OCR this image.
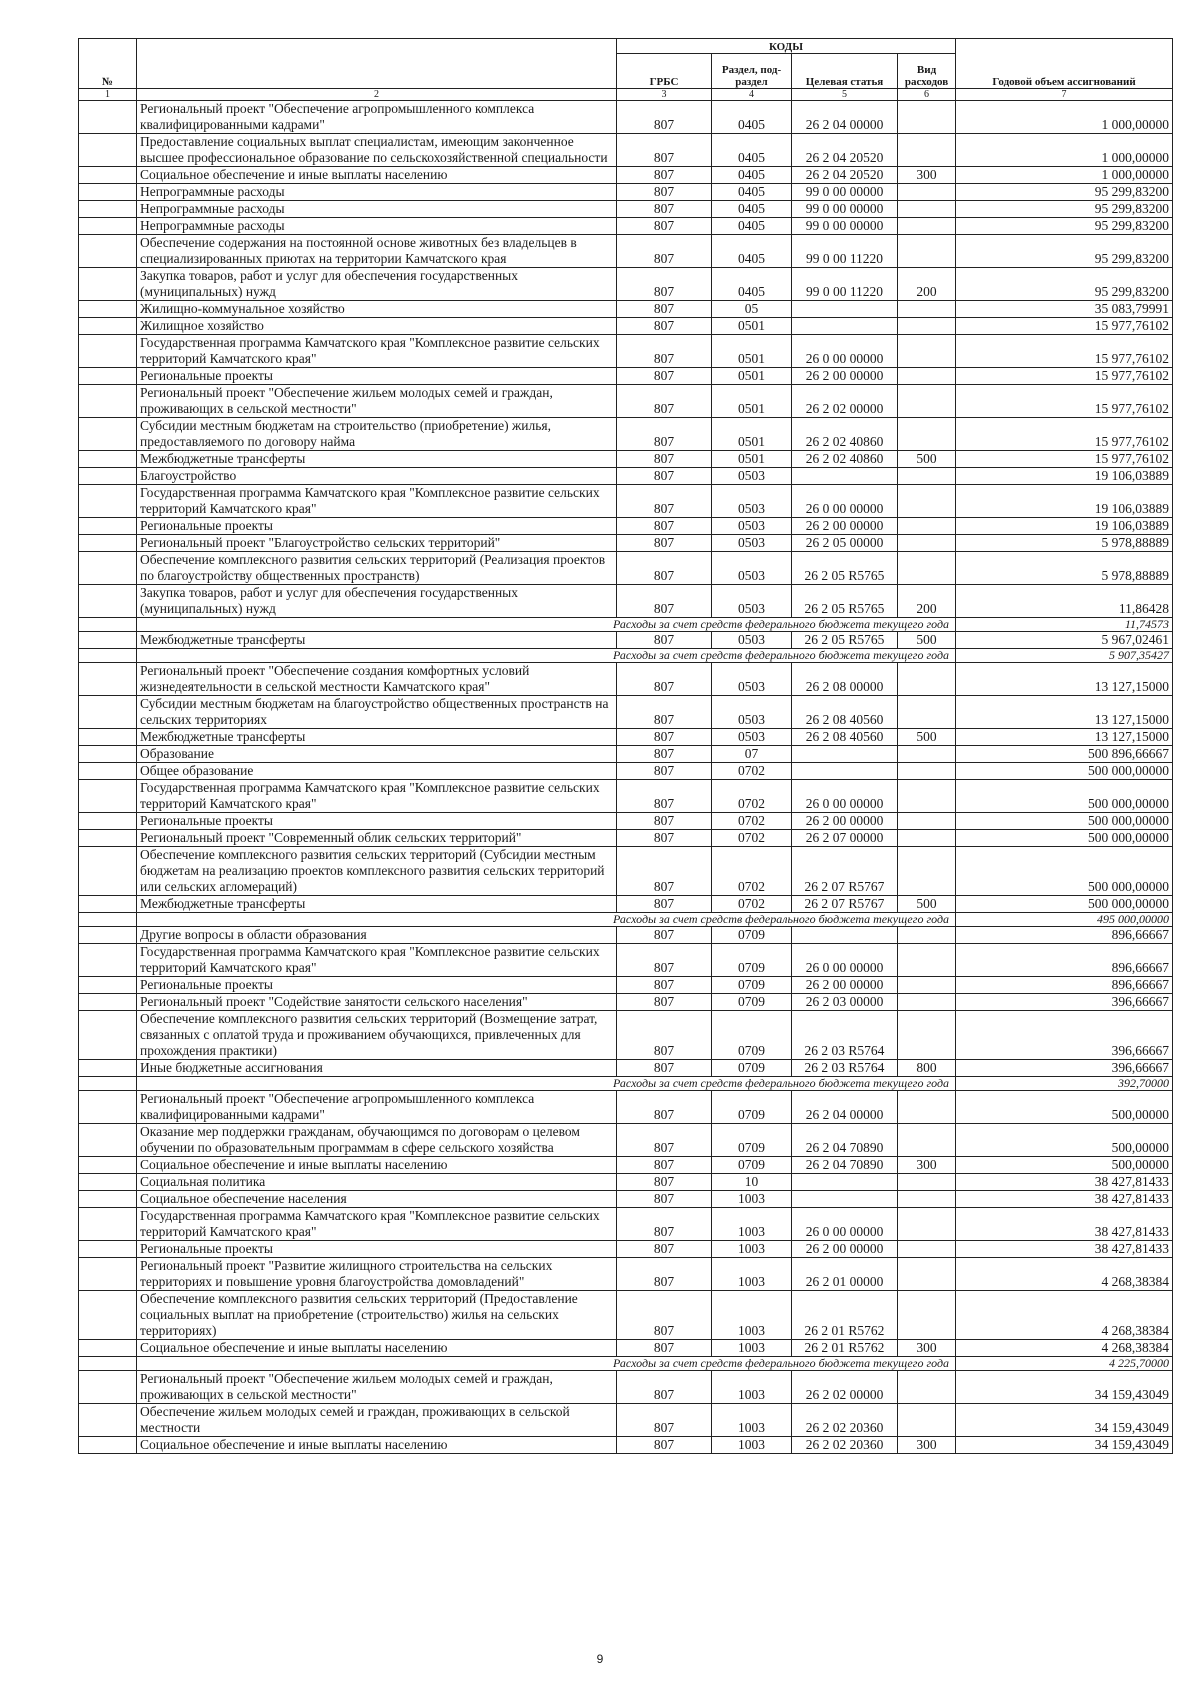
№		КОДЫ				Годовой объем ассигнований
		ГРБС	Раздел, под-раздел	Целевая статья	Вид расходов	
1	2	3	4	5	6	7
	Региональный проект "Обеспечение агропромышленного комплекса квалифицированными кадрами"	807	0405	26 2 04 00000		1 000,00000
	Предоставление социальных выплат специалистам, имеющим законченное высшее профессиональное образование по сельскохозяйственной специальности	807	0405	26 2 04 20520		1 000,00000
	Социальное обеспечение и иные выплаты населению	807	0405	26 2 04 20520	300	1 000,00000
	Непрограммные расходы	807	0405	99 0 00 00000		95 299,83200
	Непрограммные расходы	807	0405	99 0 00 00000		95 299,83200
	Непрограммные расходы	807	0405	99 0 00 00000		95 299,83200
	Обеспечение содержания на постоянной основе животных без владельцев в специализированных приютах на территории Камчатского края	807	0405	99 0 00 11220		95 299,83200
	Закупка товаров, работ и услуг для обеспечения государственных (муниципальных) нужд	807	0405	99 0 00 11220	200	95 299,83200
	Жилищно-коммунальное хозяйство	807	05			35 083,79991
	Жилищное хозяйство	807	0501			15 977,76102
	Государственная программа Камчатского края "Комплексное развитие сельских территорий Камчатского края"	807	0501	26 0 00 00000		15 977,76102
	Региональные проекты	807	0501	26 2 00 00000		15 977,76102
	Региональный проект "Обеспечение жильем молодых семей и граждан, проживающих в сельской местности"	807	0501	26 2 02 00000		15 977,76102
	Субсидии местным бюджетам на строительство (приобретение) жилья, предоставляемого по договору найма	807	0501	26 2 02 40860		15 977,76102
	Межбюджетные трансферты	807	0501	26 2 02 40860	500	15 977,76102
	Благоустройство	807	0503			19 106,03889
	Государственная программа Камчатского края "Комплексное развитие сельских территорий Камчатского края"	807	0503	26 0 00 00000		19 106,03889
	Региональные проекты	807	0503	26 2 00 00000		19 106,03889
	Региональный проект "Благоустройство сельских территорий"	807	0503	26 2 05 00000		5 978,88889
	Обеспечение комплексного развития сельских территорий (Реализация проектов по благоустройству общественных пространств)	807	0503	26 2 05 R5765		5 978,88889
	Закупка товаров, работ и услуг для обеспечения государственных (муниципальных) нужд	807	0503	26 2 05 R5765	200	11,86428
	Расходы за счет средств федерального бюджета текущего года					11,74573
	Межбюджетные трансферты	807	0503	26 2 05 R5765	500	5 967,02461
	Расходы за счет средств федерального бюджета текущего года					5 907,35427
	Региональный проект "Обеспечение создания комфортных условий жизнедеятельности в сельской местности Камчатского края"	807	0503	26 2 08 00000		13 127,15000
	Субсидии местным бюджетам на благоустройство общественных пространств на сельских территориях	807	0503	26 2 08 40560		13 127,15000
	Межбюджетные трансферты	807	0503	26 2 08 40560	500	13 127,15000
	Образование	807	07			500 896,66667
	Общее образование	807	0702			500 000,00000
	Государственная программа Камчатского края "Комплексное развитие сельских территорий Камчатского края"	807	0702	26 0 00 00000		500 000,00000
	Региональные проекты	807	0702	26 2 00 00000		500 000,00000
	Региональный проект "Современный облик сельских территорий"	807	0702	26 2 07 00000		500 000,00000
	Обеспечение комплексного развития сельских территорий (Субсидии местным бюджетам на реализацию проектов комплексного развития сельских территорий или сельских агломераций)	807	0702	26 2 07 R5767		500 000,00000
	Межбюджетные трансферты	807	0702	26 2 07 R5767	500	500 000,00000
	Расходы за счет средств федерального бюджета текущего года					495 000,00000
	Другие вопросы в области образования	807	0709			896,66667
	Государственная программа Камчатского края "Комплексное развитие сельских территорий Камчатского края"	807	0709	26 0 00 00000		896,66667
	Региональные проекты	807	0709	26 2 00 00000		896,66667
	Региональный проект "Содействие занятости сельского населения"	807	0709	26 2 03 00000		396,66667
	Обеспечение комплексного развития сельских территорий (Возмещение затрат, связанных с оплатой труда и проживанием обучающихся, привлеченных для прохождения практики)	807	0709	26 2 03 R5764		396,66667
	Иные бюджетные ассигнования	807	0709	26 2 03 R5764	800	396,66667
	Расходы за счет средств федерального бюджета текущего года					392,70000
	Региональный проект "Обеспечение агропромышленного комплекса квалифицированными кадрами"	807	0709	26 2 04 00000		500,00000
	Оказание мер поддержки гражданам, обучающимся по договорам о целевом обучении по образовательным программам в сфере сельского хозяйства	807	0709	26 2 04 70890		500,00000
	Социальное обеспечение и иные выплаты населению	807	0709	26 2 04 70890	300	500,00000
	Социальная политика	807	10			38 427,81433
	Социальное обеспечение населения	807	1003			38 427,81433
	Государственная программа Камчатского края "Комплексное развитие сельских территорий Камчатского края"	807	1003	26 0 00 00000		38 427,81433
	Региональные проекты	807	1003	26 2 00 00000		38 427,81433
	Региональный проект "Развитие жилищного строительства на сельских территориях и повышение уровня благоустройства домовладений"	807	1003	26 2 01 00000		4 268,38384
	Обеспечение комплексного развития сельских территорий (Предоставление социальных выплат на приобретение (строительство) жилья на сельских территориях)	807	1003	26 2 01 R5762		4 268,38384
	Социальное обеспечение и иные выплаты населению	807	1003	26 2 01 R5762	300	4 268,38384
	Расходы за счет средств федерального бюджета текущего года					4 225,70000
	Региональный проект "Обеспечение жильем молодых семей и граждан, проживающих в сельской местности"	807	1003	26 2 02 00000		34 159,43049
	Обеспечение жильем молодых семей и граждан, проживающих в сельской местности	807	1003	26 2 02 20360		34 159,43049
	Социальное обеспечение и иные выплаты населению	807	1003	26 2 02 20360	300	34 159,43049
9
